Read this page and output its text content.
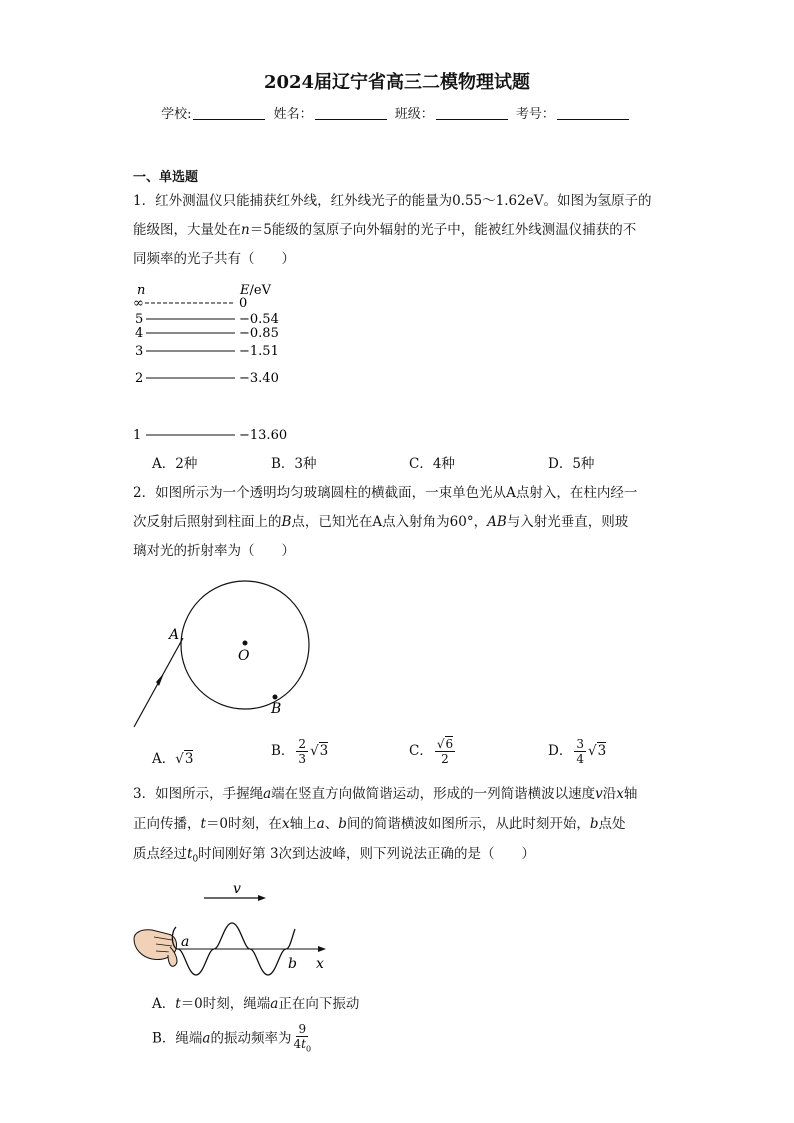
2024届辽宁省高三二模物理试题
学校:	姓名：	班级：	考号：
一、单选题
1．红外测温仪只能捕获红外线，红外线光子的能量为0.55～1.62eV。如图为氢原子的
能级图，大量处在n＝5能级的氢原子向外辐射的光子中，能被红外线测温仪捕获的不
同频率的光子共有（　　）
n	E/eV
∞	0
5	−0.54
4	−0.85
3	−1.51
2	−3.40
1	−13.60
A．2种	B．3种	C．4种	D．5种
2．如图所示为一个透明均匀玻璃圆柱的横截面，一束单色光从A点射入，在柱内经一
次反射后照射到柱面上的B点，已知光在A点入射角为60°，AB与入射光垂直，则玻
璃对光的折射率为（　　）
A
O
B
A．√3	B． $\frac{2}{3} √3$	C． $\frac{√6}{2}$	D． $\frac{3}{4} √3$
3．如图所示，手握绳a端在竖直方向做简谐运动，形成的一列简谐横波以速度v沿x轴
正向传播，t＝0时刻，在x轴上a、b间的简谐横波如图所示，从此时刻开始，b点处
质点经过$t_0$时间刚好第 3次到达波峰，则下列说法正确的是（　　）
v
a
b x
A．t＝0时刻，绳端a正在向下振动
B．绳端a的振动频率为 $\frac{9}{4t_0}$
